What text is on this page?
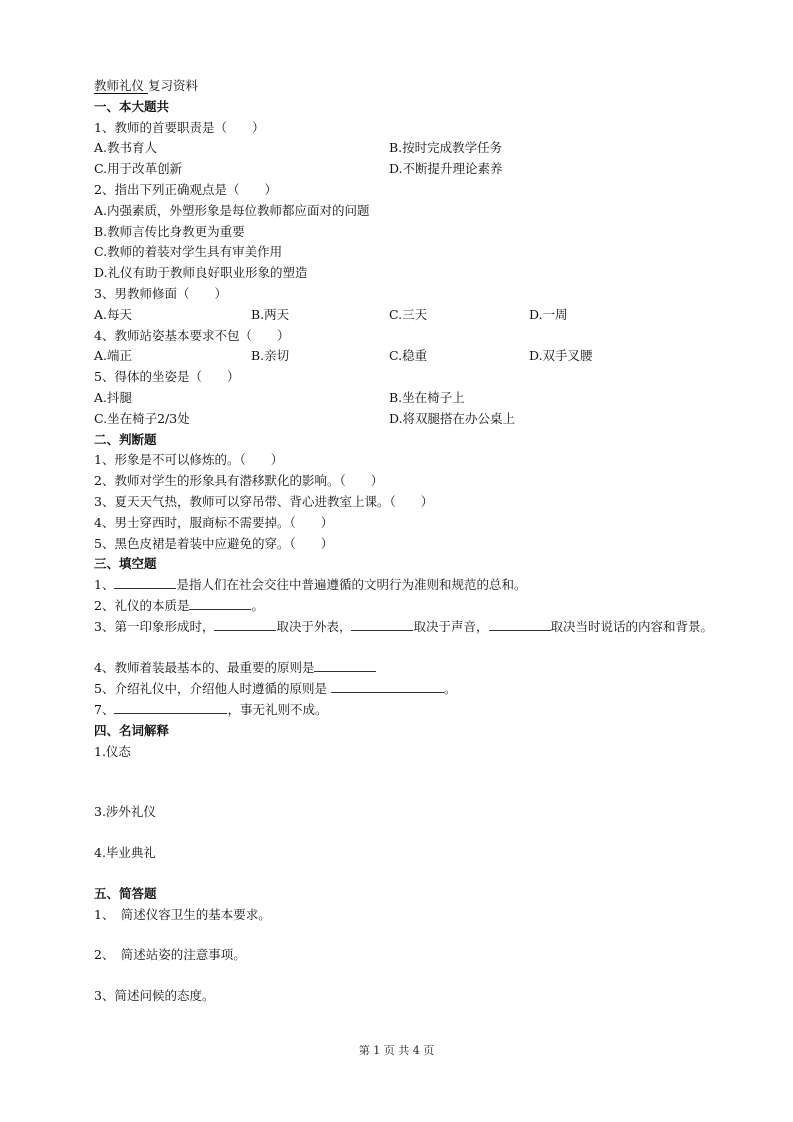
教师礼仪 复习资料
一、本大题共
1、教师的首要职责是（　　）
A.教书育人	B.按时完成教学任务
C.用于改革创新	D.不断提升理论素养
2、指出下列正确观点是（　　）
A.内强素质，外塑形象是每位教师都应面对的问题
B.教师言传比身教更为重要
C.教师的着装对学生具有审美作用
D.礼仪有助于教师良好职业形象的塑造
3、男教师修面（　　）
A.每天	B.两天	C.三天	D.一周
4、教师站姿基本要求不包（　　）
A.端正	B.亲切	C.稳重	D.双手叉腰
5、得体的坐姿是（　　）
A.抖腿	B.坐在椅子上
C.坐在椅子2/3处	D.将双腿搭在办公桌上
二、判断题
1、形象是不可以修炼的。（　　）
2、教师对学生的形象具有潜移默化的影响。（　　）
3、夏天天气热，教师可以穿吊带、背心进教室上课。（　　）
4、男士穿西时，服商标不需要掉。（　　）
5、黑色皮裙是着装中应避免的穿。（　　）
三、填空题
1、	是指人们在社会交往中普遍遵循的文明行为准则和规范的总和。
2、礼仪的本质是	。
3、第一印象形成时，	取决于外表，	取决于声音，	取决当时说话的内容和背景。
4、教师着装最基本的、最重要的原则是
5、介绍礼仪中，介绍他人时遵循的原则是	。
7、	，事无礼则不成。
四、名词解释
1.仪态
3.涉外礼仪
4.毕业典礼
五、简答题
1、　简述仪容卫生的基本要求。
2、　简述站姿的注意事项。
3、简述问候的态度。
第 1 页 共 4 页
